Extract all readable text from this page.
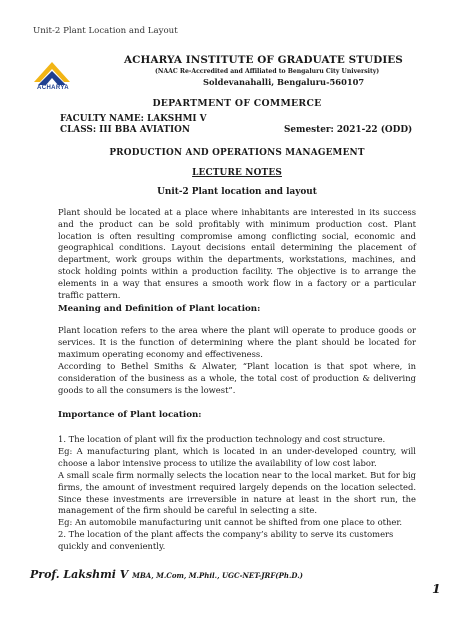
Unit-2 Plant Location and Layout
ACHARYA
ACHARYA INSTITUTE OF GRADUATE STUDIES
(NAAC Re-Accredited and Affiliated to Bengaluru City University)
Soldevanahalli, Bengaluru-560107
DEPARTMENT OF COMMERCE
FACULTY NAME: LAKSHMI V
CLASS: III BBA AVIATION	Semester: 2021-22 (ODD)
PRODUCTION AND OPERATIONS MANAGEMENT
LECTURE NOTES
Unit-2 Plant location and layout
Plant should be located at a place where inhabitants are interested in its success and the product can be sold profitably with minimum production cost. Plant location is often resulting compromise among conflicting social, economic and geographical conditions. Layout decisions entail determining the placement of department, work groups within the departments, workstations, machines, and stock holding points within a production facility. The objective is to arrange the elements in a way that ensures a smooth work flow in a factory or a particular traffic pattern.
Meaning and Definition of Plant location:
Plant location refers to the area where the plant will operate to produce goods or services. It is the function of determining where the plant should be located for maximum operating economy and effectiveness.
According to Bethel Smiths & Alwater, “Plant location is that spot where, in consideration of the business as a whole, the total cost of production & delivering goods to all the consumers is the lowest”.
Importance of Plant location:
1. The location of plant will fix the production technology and cost structure.
Eg: A manufacturing plant, which is located in an under-developed country, will choose a labor intensive process to utilize the availability of low cost labor.
A small scale firm normally selects the location near to the local market. But for big firms, the amount of investment required largely depends on the location selected. Since these investments are irreversible in nature at least in the short run, the management of the firm should be careful in selecting a site.
Eg: An automobile manufacturing unit cannot be shifted from one place to other.
2. The location of the plant affects the company’s ability to serve its customers quickly and conveniently.
Prof. Lakshmi V MBA, M.Com, M.Phil., UGC-NET-JRF(Ph.D.)
1
